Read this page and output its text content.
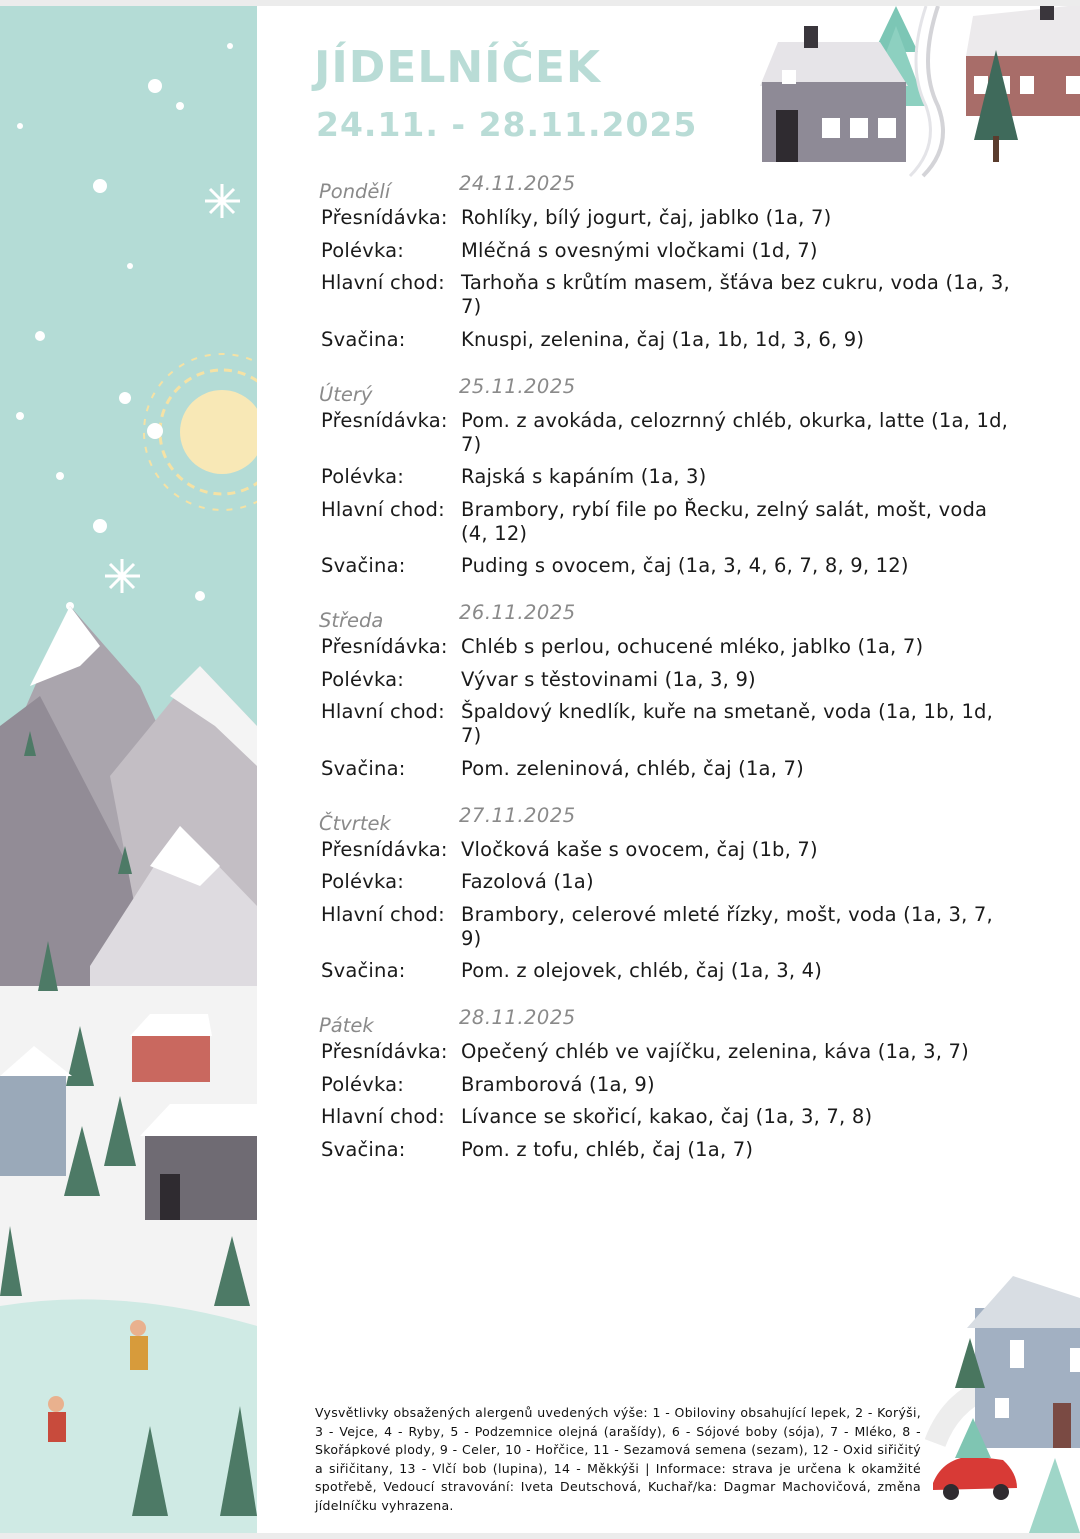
JÍDELNÍČEK
24.11. - 28.11.2025
Pondělí	24.11.2025
Přesnídávka: Rohlíky, bílý jogurt, čaj, jablko (1a, 7)
Polévka:	Mléčná s ovesnými vločkami (1d, 7)
Hlavní chod: Tarhoňa s krůtím masem, šťáva bez cukru, voda (1a, 3, 7)
Svačina:	Knuspi, zelenina, čaj (1a, 1b, 1d, 3, 6, 9)
Úterý	25.11.2025
Přesnídávka: Pom. z avokáda, celozrnný chléb, okurka, latte (1a, 1d, 7)
Polévka:	Rajská s kapáním (1a, 3)
Hlavní chod: Brambory, rybí file po Řecku, zelný salát, mošt, voda (4, 12)
Svačina:	Puding s ovocem, čaj (1a, 3, 4, 6, 7, 8, 9, 12)
Středa	26.11.2025
Přesnídávka: Chléb s perlou, ochucené mléko, jablko (1a, 7)
Polévka:	Vývar s těstovinami (1a, 3, 9)
Hlavní chod: Špaldový knedlík, kuře na smetaně, voda (1a, 1b, 1d, 7)
Svačina:	Pom. zeleninová, chléb, čaj (1a, 7)
Čtvrtek	27.11.2025
Přesnídávka: Vločková kaše s ovocem, čaj (1b, 7)
Polévka:	Fazolová (1a)
Hlavní chod: Brambory, celerové mleté řízky, mošt, voda (1a, 3, 7, 9)
Svačina:	Pom. z olejovek, chléb, čaj (1a, 3, 4)
Pátek	28.11.2025
Přesnídávka: Opečený chléb ve vajíčku, zelenina, káva (1a, 3, 7)
Polévka:	Bramborová (1a, 9)
Hlavní chod: Lívance se skořicí, kakao, čaj (1a, 3, 7, 8)
Svačina:	Pom. z tofu, chléb, čaj (1a, 7)
Vysvětlivky obsažených alergenů uvedených výše: 1 - Obiloviny obsahující lepek, 2 - Korýši, 3 - Vejce, 4 - Ryby, 5 - Podzemnice olejná (arašídy), 6 - Sójové boby (sója), 7 - Mléko, 8 - Skořápkové plody, 9 - Celer, 10 - Hořčice, 11 - Sezamová semena (sezam), 12 - Oxid siřičitý a siřičitany, 13 - Vlčí bob (lupina), 14 - Měkkýši | Informace: strava je určena k okamžité spotřebě, Vedoucí stravování: Iveta Deutschová, Kuchař/ka: Dagmar Machovičová, změna jídelníčku vyhrazena.
